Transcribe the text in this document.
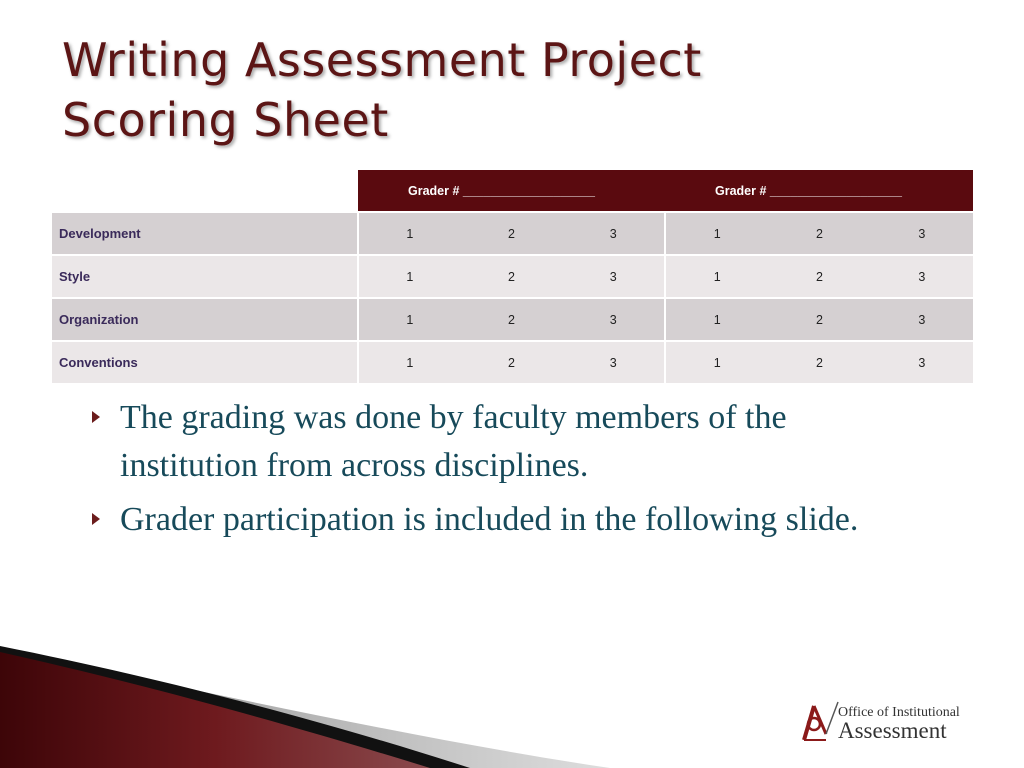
Writing Assessment Project
Scoring Sheet
	Grader # ___________________	Grader # ___________________
Development	1 2 3	1 2 3

Style	1 2 3	1 2 3

Organization	1 2 3	1 2 3

Conventions	1 2 3	1 2 3
The grading was done by faculty members of the institution from across disciplines.
Grader participation is included in the following slide.
Office of Institutional
Assessment
